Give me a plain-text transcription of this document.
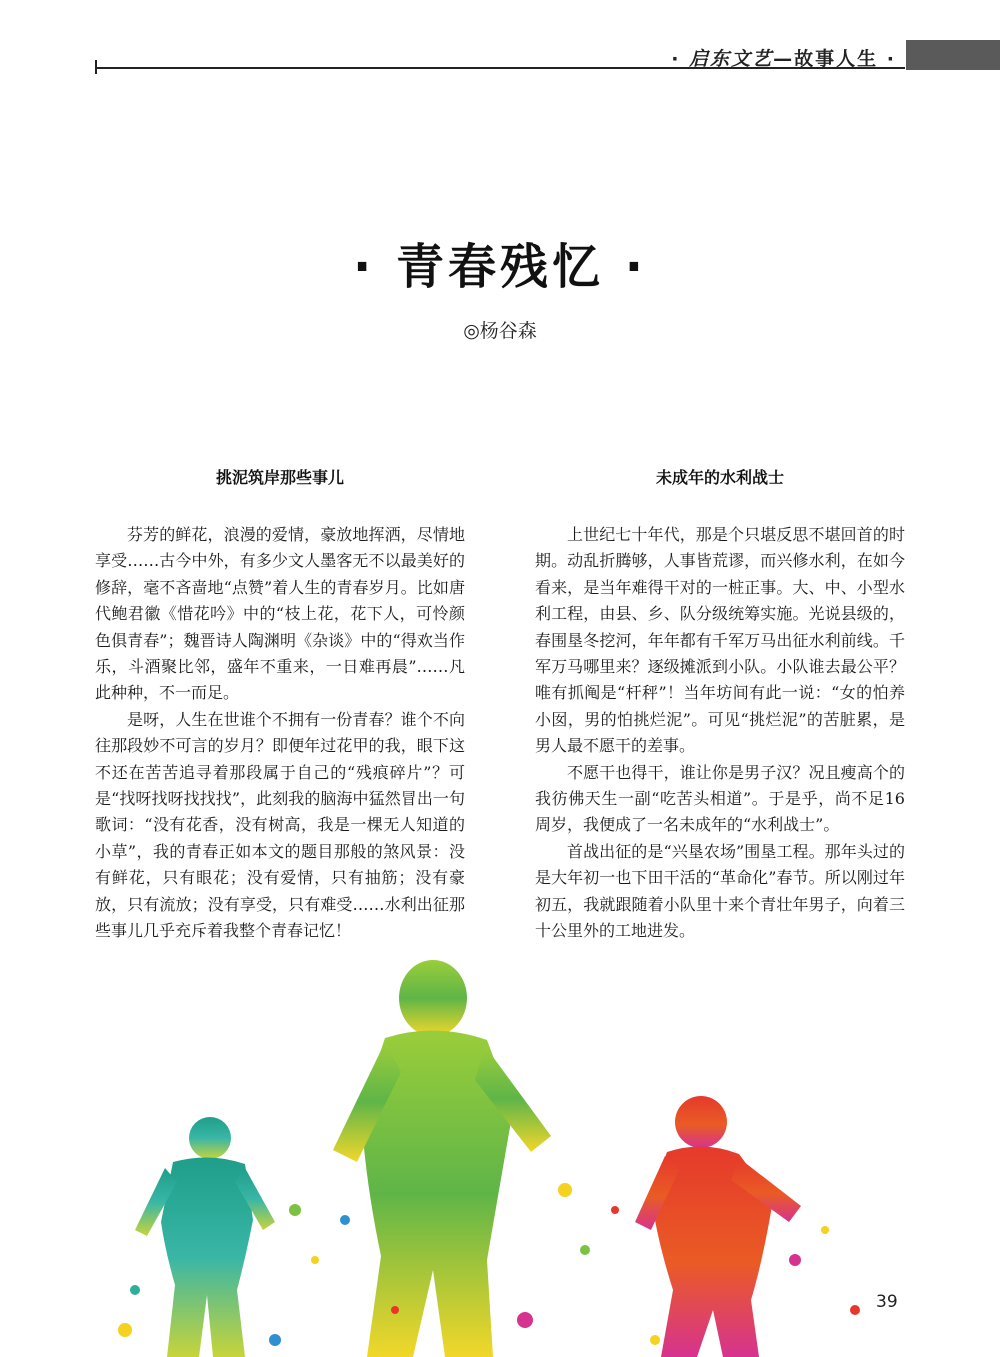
· 启东文艺—故事人生 ·
· 青春残忆 ·
◎杨谷森
挑泥筑岸那些事儿

芬芳的鲜花，浪漫的爱情，豪放地挥洒，尽情地享受……古今中外，有多少文人墨客无不以最美好的修辞，毫不吝啬地“点赞”着人生的青春岁月。比如唐代鲍君徽《惜花吟》中的“枝上花，花下人，可怜颜色俱青春”；魏晋诗人陶渊明《杂谈》中的“得欢当作乐，斗酒聚比邻，盛年不重来，一日难再晨”……凡此种种，不一而足。

是呀，人生在世谁个不拥有一份青春？谁个不向往那段妙不可言的岁月？即便年过花甲的我，眼下这不还在苦苦追寻着那段属于自己的“残痕碎片”？可是“找呀找呀找找找”，此刻我的脑海中猛然冒出一句歌词：“没有花香，没有树高，我是一棵无人知道的小草”，我的青春正如本文的题目那般的煞风景：没有鲜花，只有眼花；没有爱情，只有抽筋；没有豪放，只有流放；没有享受，只有难受……水利出征那些事儿几乎充斥着我整个青春记忆！

未成年的水利战士

上世纪七十年代，那是个只堪反思不堪回首的时期。动乱折腾够，人事皆荒谬，而兴修水利，在如今看来，是当年难得干对的一桩正事。大、中、小型水利工程，由县、乡、队分级统筹实施。光说县级的，春围垦冬挖河，年年都有千军万马出征水利前线。千军万马哪里来？逐级摊派到小队。小队谁去最公平？唯有抓阄是“杆秤”！当年坊间有此一说：“女的怕养小囡，男的怕挑烂泥”。可见“挑烂泥”的苦脏累，是男人最不愿干的差事。

不愿干也得干，谁让你是男子汉？况且瘦高个的我彷佛天生一副“吃苦头相道”。于是乎，尚不足16周岁，我便成了一名未成年的“水利战士”。

首战出征的是“兴垦农场”围垦工程。那年头过的是大年初一也下田干活的“革命化”春节。所以刚过年初五，我就跟随着小队里十来个青壮年男子，向着三十公里外的工地进发。

39
